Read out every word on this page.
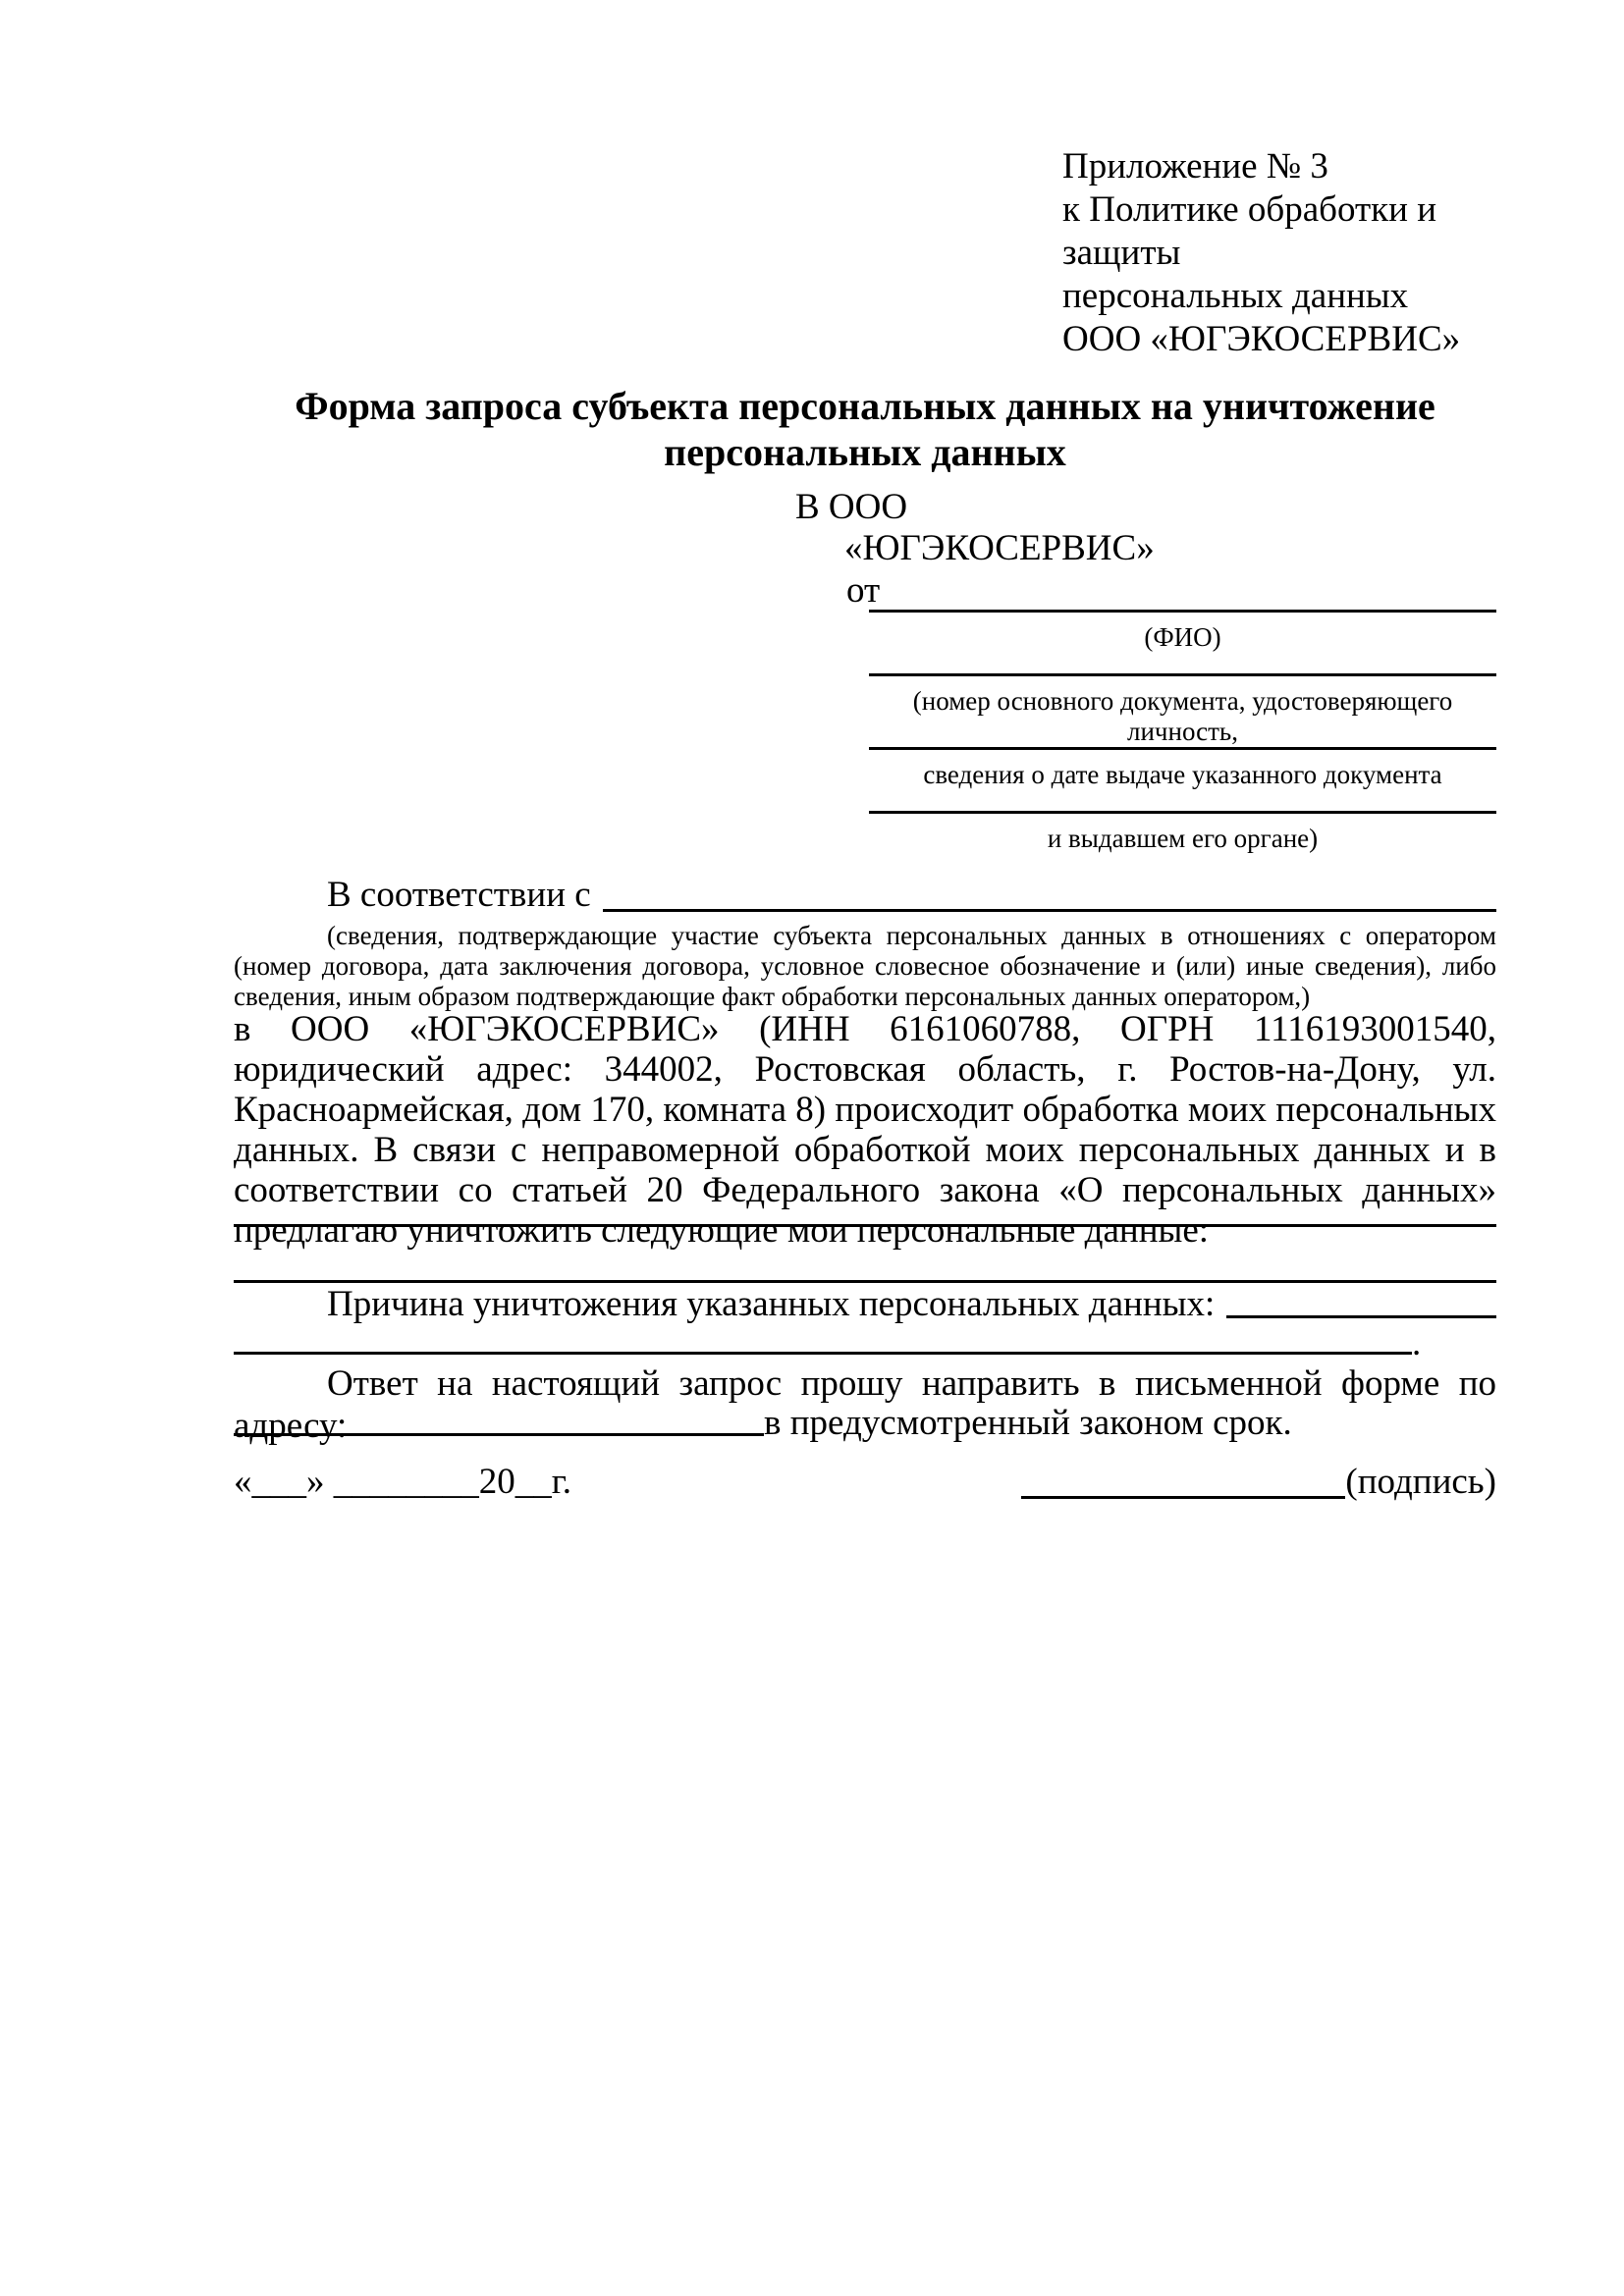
Приложение № 3
к Политике обработки и защиты
персональных данных
ООО «ЮГЭКОСЕРВИС»
Форма запроса субъекта персональных данных на уничтожение персональных данных
В ООО
«ЮГЭКОСЕРВИС»
от
(ФИО)
(номер основного документа, удостоверяющего личность,
сведения о дате выдаче указанного документа
и выдавшем его органе)
В соответствии с
(сведения, подтверждающие участие субъекта персональных данных в отношениях с оператором (номер договора, дата заключения договора, условное словесное обозначение и (или) иные сведения), либо сведения, иным образом подтверждающие факт обработки персональных данных оператором,)
в ООО «ЮГЭКОСЕРВИС» (ИНН 6161060788, ОГРН 1116193001540, юридический адрес: 344002, Ростовская область, г. Ростов-на-Дону, ул. Красноармейская, дом 170, комната 8) происходит обработка моих персональных данных. В связи с неправомерной обработкой моих персональных данных и в соответствии со статьей 20 Федерального закона «О персональных данных» предлагаю уничтожить следующие мои персональные данные:
Причина уничтожения указанных персональных данных:
.
Ответ на настоящий запрос прошу направить в письменной форме по адресу:	в предусмотренный законом срок.
«___» ________20__г.	(подпись)
